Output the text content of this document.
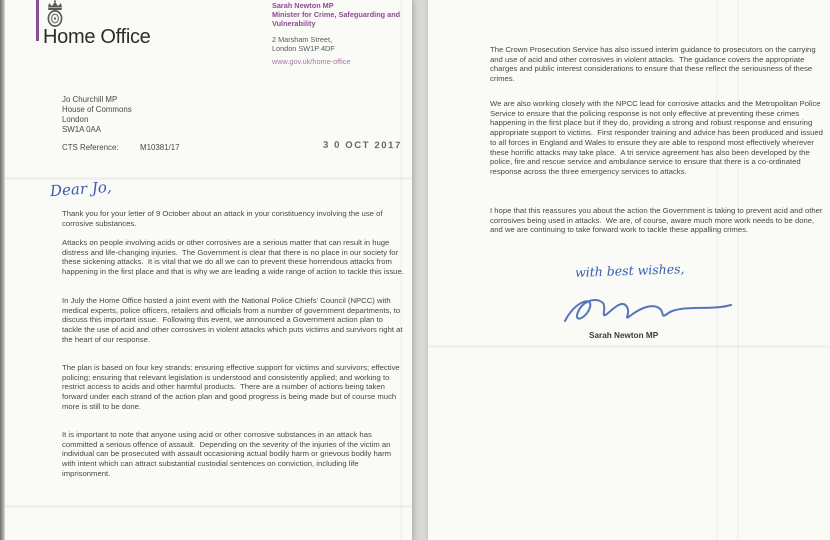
Home Office
Sarah Newton MP
Minister for Crime, Safeguarding and Vulnerability
2 Marsham Street,
London SW1P 4DF
www.gov.uk/home-office
Jo Churchill MP
House of Commons
London
SW1A 0AA
CTS Reference:	M10381/17	3 0 OCT 2017
Dear Jo,
Thank you for your letter of 9 October about an attack in your constituency involving the use of corrosive substances.
Attacks on people involving acids or other corrosives are a serious matter that can result in huge distress and life-changing injuries.  The Government is clear that there is no place in our society for these sickening attacks.  It is vital that we do all we can to prevent these horrendous attacks from happening in the first place and that is why we are leading a wide range of action to tackle this issue.
In July the Home Office hosted a joint event with the National Police Chiefs' Council (NPCC) with medical experts, police officers, retailers and officials from a number of government departments, to discuss this important issue.  Following this event, we announced a Government action plan to tackle the use of acid and other corrosives in violent attacks which puts victims and survivors right at the heart of our response.
The plan is based on four key strands: ensuring effective support for victims and survivors; effective policing; ensuring that relevant legislation is understood and consistently applied; and working to restrict access to acids and other harmful products.  There are a number of actions being taken forward under each strand of the action plan and good progress is being made but of course much more is still to be done.
It is important to note that anyone using acid or other corrosive substances in an attack has committed a serious offence of assault.  Depending on the severity of the injuries of the victim an individual can be prosecuted with assault occasioning actual bodily harm or grievous bodily harm with intent which can attract substantial custodial sentences on conviction, including life imprisonment.
The Crown Prosecution Service has also issued interim guidance to prosecutors on the carrying and use of acid and other corrosives in violent attacks.  The guidance covers the appropriate charges and public interest considerations to ensure that these reflect the seriousness of these crimes.
We are also working closely with the NPCC lead for corrosive attacks and the Metropolitan Police Service to ensure that the policing response is not only effective at preventing these crimes happening in the first place but if they do, providing a strong and robust response and ensuring appropriate support to victims.  First responder training and advice has been produced and issued to all forces in England and Wales to ensure they are able to respond most effectively wherever these horrific attacks may take place.  A tri service agreement has also been developed by the police, fire and rescue service and ambulance service to ensure that there is a co-ordinated response across the three emergency services to attacks.
I hope that this reassures you about the action the Government is taking to prevent acid and other corrosives being used in attacks.  We are, of course, aware much more work needs to be done, and we are continuing to take forward work to tackle these appalling crimes.
with best wishes,
Sarah Newton MP
